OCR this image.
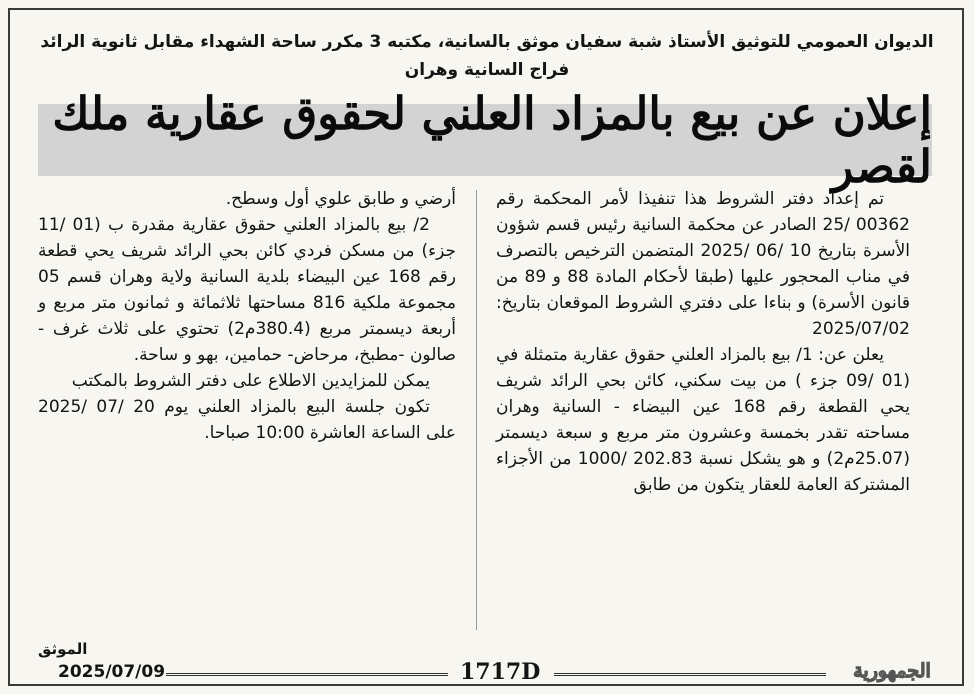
الديوان العمومي للتوثيق الأستاذ شبة سفيان موثق بالسانية، مكتبه 3 مكرر ساحة الشهداء مقابل ثانوية الرائد
فراج السانية وهران
إعلان عن بيع بالمزاد العلني لحقوق عقارية ملك لقصر

تم إعداد دفتر الشروط هذا تنفيذا لأمر المحكمة رقم 00362 /25 الصادر عن محكمة السانية رئيس قسم شؤون الأسرة بتاريخ 10 /06 /2025 المتضمن الترخيص بالتصرف في مناب المحجور عليها (طبقا لأحكام المادة 88 و 89 من قانون الأسرة) و بناءا على دفتري الشروط الموقعان بتاريخ: 2025/07/02

يعلن عن: 1/ بيع بالمزاد العلني حقوق عقارية متمثلة في (01 /09 جزء ) من بيت سكني، كائن بحي الرائد شريف يحي القطعة رقم 168 عين البيضاء - السانية وهران مساحته تقدر بخمسة وعشرون متر مربع و سبعة ديسمتر (25.07م2) و هو يشكل نسبة 202.83 /1000 من الأجزاء المشتركة العامة للعقار يتكون من طابق

أرضي و طابق علوي أول وسطح.

2/ بيع بالمزاد العلني حقوق عقارية مقدرة ب (01 /11 جزء) من مسكن فردي كائن بحي الرائد شريف يحي قطعة رقم 168 عين البيضاء بلدية السانية ولاية وهران قسم 05 مجموعة ملكية 816 مساحتها ثلاثمائة و ثمانون متر مربع و أربعة ديسمتر مربع (380.4م2) تحتوي على ثلاث غرف - صالون -مطبخ، مرحاض- حمامين، بهو و ساحة.

يمكن للمزايدين الاطلاع على دفتر الشروط بالمكتب

تكون جلسة البيع بالمزاد العلني يوم 20 /07 /2025 على الساعة العاشرة 10:00 صباحا.

الموثق
2025/07/09	1717D	الجمهورية
